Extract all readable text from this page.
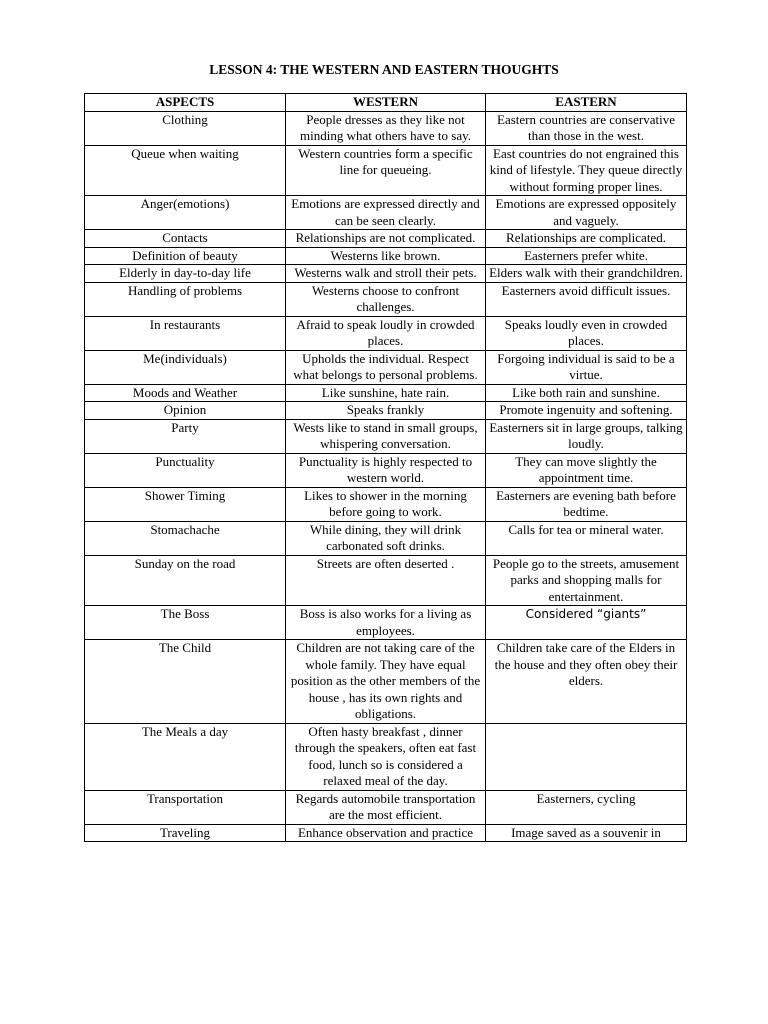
LESSON 4: THE WESTERN AND EASTERN THOUGHTS
ASPECTS	WESTERN	EASTERN
Clothing	People dresses as they like not minding what others have to say.	Eastern countries are conservative than those in the west.
Queue when waiting	Western countries form a specific line for queueing.	East countries do not engrained this kind of lifestyle. They queue directly without forming proper lines.
Anger(emotions)	Emotions are expressed directly and can be seen clearly.	Emotions are expressed oppositely and vaguely.
Contacts	Relationships are not complicated.	Relationships are complicated.
Definition of beauty	Westerns like brown.	Easterners prefer white.
Elderly in day-to-day life	Westerns walk and stroll their pets.	Elders walk with their grandchildren.
Handling of problems	Westerns choose to confront challenges.	Easterners avoid difficult issues.
In restaurants	Afraid to speak loudly in crowded places.	Speaks loudly even in crowded places.
Me(individuals)	Upholds the individual. Respect what belongs to personal problems.	Forgoing individual is said to be a virtue.
Moods and Weather	Like sunshine, hate rain.	Like both rain and sunshine.
Opinion	Speaks frankly	Promote ingenuity and softening.
Party	Wests like to stand in small groups, whispering conversation.	Easterners sit in large groups, talking loudly.
Punctuality	Punctuality is highly respected to western world.	They can move slightly the appointment time.
Shower Timing	Likes to shower in the morning before going to work.	Easterners are evening bath before bedtime.
Stomachache	While dining, they will drink carbonated soft drinks.	Calls for tea or mineral water.
Sunday on the road	Streets are often deserted .	People go to the streets, amusement parks and shopping malls for entertainment.
The Boss	Boss is also works for a living as employees.	Considered “giants”
The Child	Children are not taking care of the whole family. They have equal position as the other members of the house , has its own rights and obligations.	Children take care of the Elders in the house and they often obey their elders.
The Meals a day	Often hasty breakfast , dinner through the speakers, often eat fast food, lunch so is considered a relaxed meal of the day.	
Transportation	Regards automobile transportation are the most efficient.	Easterners, cycling
Traveling	Enhance observation and practice	Image saved as a souvenir in
